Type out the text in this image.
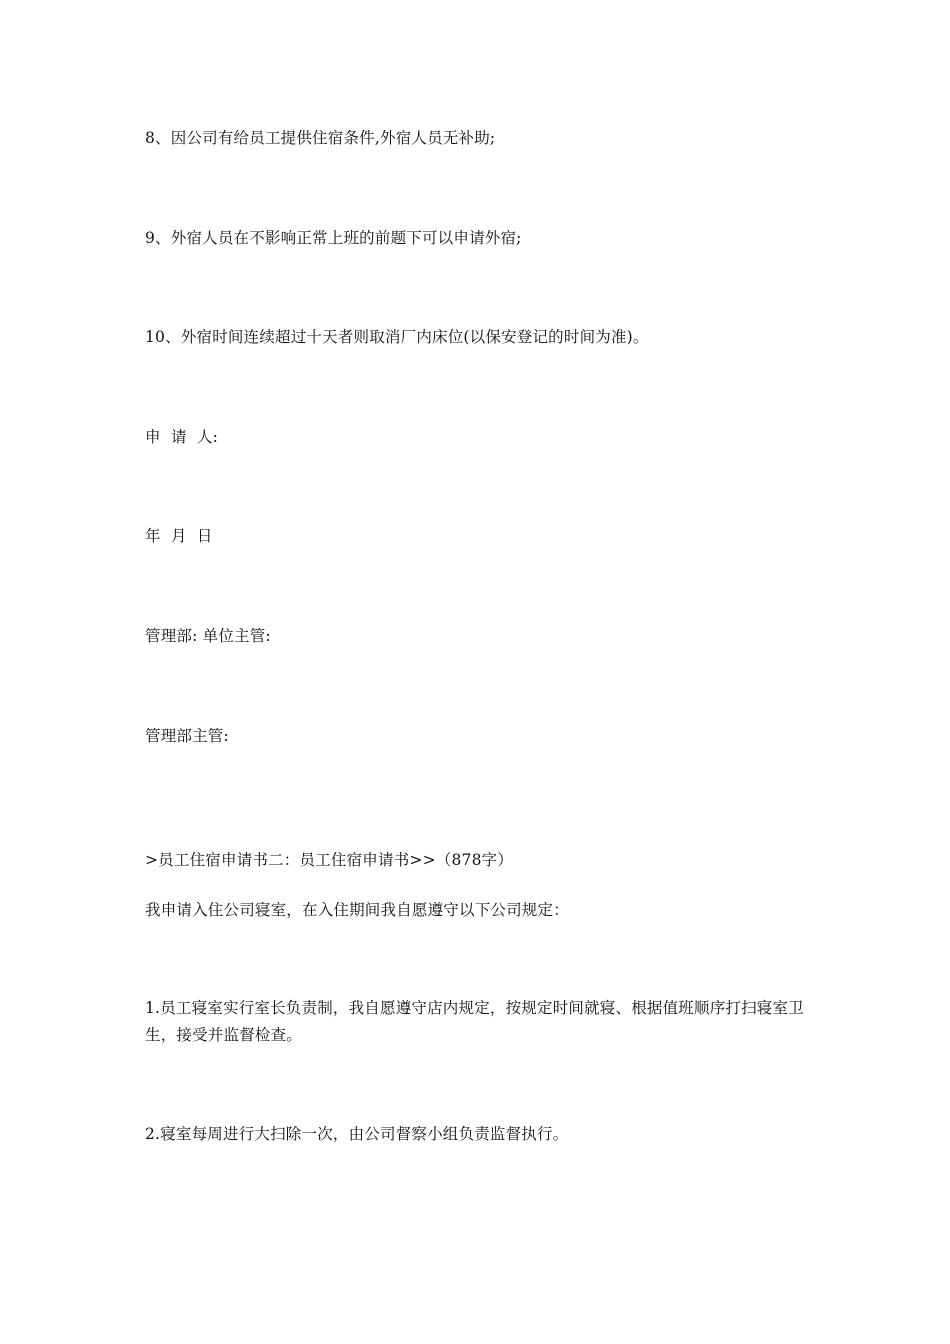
8、因公司有给员工提供住宿条件,外宿人员无补助;
9、外宿人员在不影响正常上班的前题下可以申请外宿;
10、外宿时间连续超过十天者则取消厂内床位(以保安登记的时间为准)。
申  请  人:
年  月  日
管理部: 单位主管:
管理部主管:
>员工住宿申请书二：员工住宿申请书>>（878字）
我申请入住公司寝室，在入住期间我自愿遵守以下公司规定：
1.员工寝室实行室长负责制，我自愿遵守店内规定，按规定时间就寝、根据值班顺序打扫寝室卫生，接受并监督检查。
2.寝室每周进行大扫除一次，由公司督察小组负责监督执行。
